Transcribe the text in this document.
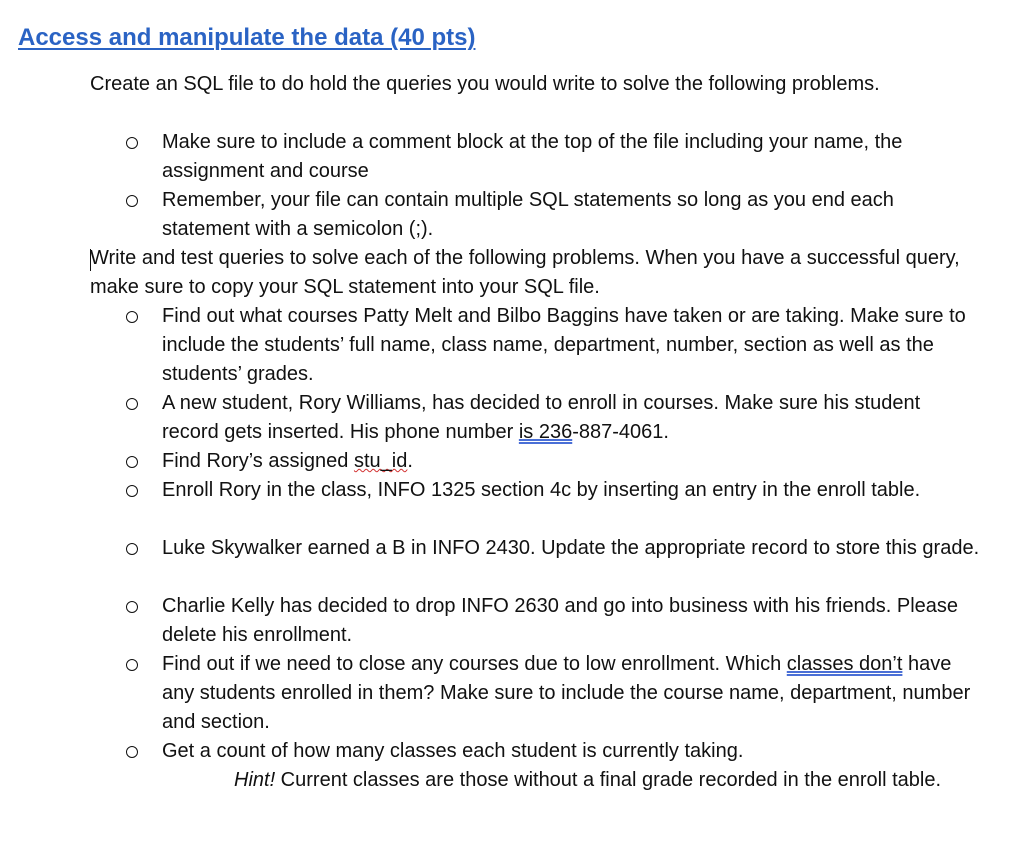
Access and manipulate the data (40 pts)
Create an SQL file to do hold the queries you would write to solve the following problems.
Make sure to include a comment block at the top of the file including your name, the assignment and course
Remember, your file can contain multiple SQL statements so long as you end each statement with a semicolon (;).
Write and test queries to solve each of the following problems. When you have a successful query, make sure to copy your SQL statement into your SQL file.
Find out what courses Patty Melt and Bilbo Baggins have taken or are taking. Make sure to include the students’ full name, class name, department, number, section as well as the students’ grades.
A new student, Rory Williams, has decided to enroll in courses. Make sure his student record gets inserted. His phone number is 236-887-4061.
Find Rory’s assigned stu_id.
Enroll Rory in the class, INFO 1325 section 4c by inserting an entry in the enroll table.
Luke Skywalker earned a B in INFO 2430. Update the appropriate record to store this grade.
Charlie Kelly has decided to drop INFO 2630 and go into business with his friends. Please delete his enrollment.
Find out if we need to close any courses due to low enrollment. Which classes don’t have any students enrolled in them? Make sure to include the course name, department, number and section.
Get a count of how many classes each student is currently taking.
Hint! Current classes are those without a final grade recorded in the enroll table.
